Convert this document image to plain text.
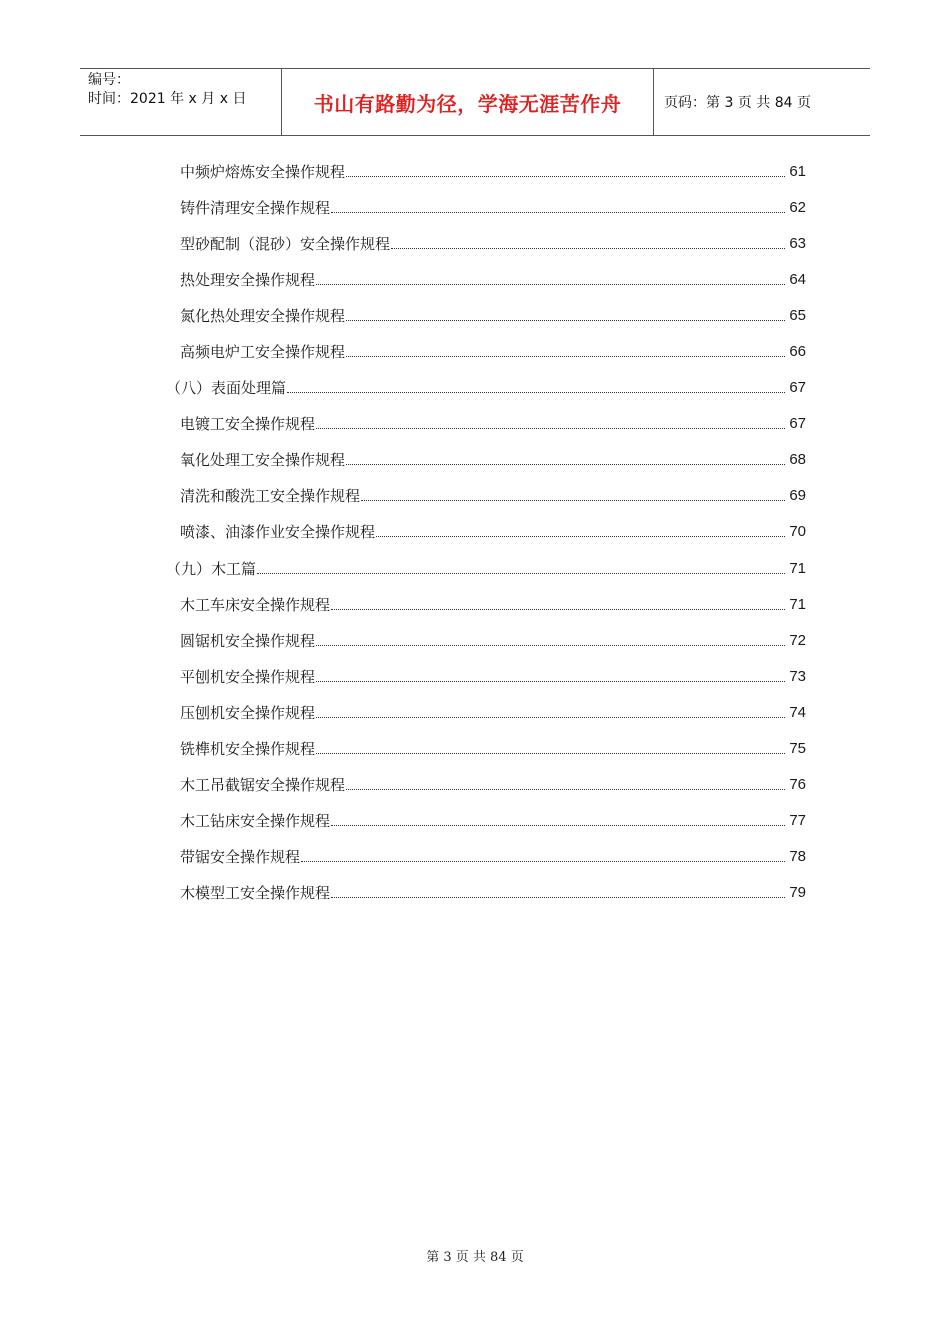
编号：
时间：2021 年 x 月 x 日	书山有路勤为径，学海无涯苦作舟	页码：第 3 页 共 84 页
中频炉熔炼安全操作规程	61
铸件清理安全操作规程	62
型砂配制（混砂）安全操作规程	63
热处理安全操作规程	64
氮化热处理安全操作规程	65
高频电炉工安全操作规程	66
（八）表面处理篇	67
电镀工安全操作规程	67
氧化处理工安全操作规程	68
清洗和酸洗工安全操作规程	69
喷漆、油漆作业安全操作规程	70
（九）木工篇	71
木工车床安全操作规程	71
圆锯机安全操作规程	72
平刨机安全操作规程	73
压刨机安全操作规程	74
铣榫机安全操作规程	75
木工吊截锯安全操作规程	76
木工钻床安全操作规程	77
带锯安全操作规程	78
木模型工安全操作规程	79
第 3 页 共 84 页
